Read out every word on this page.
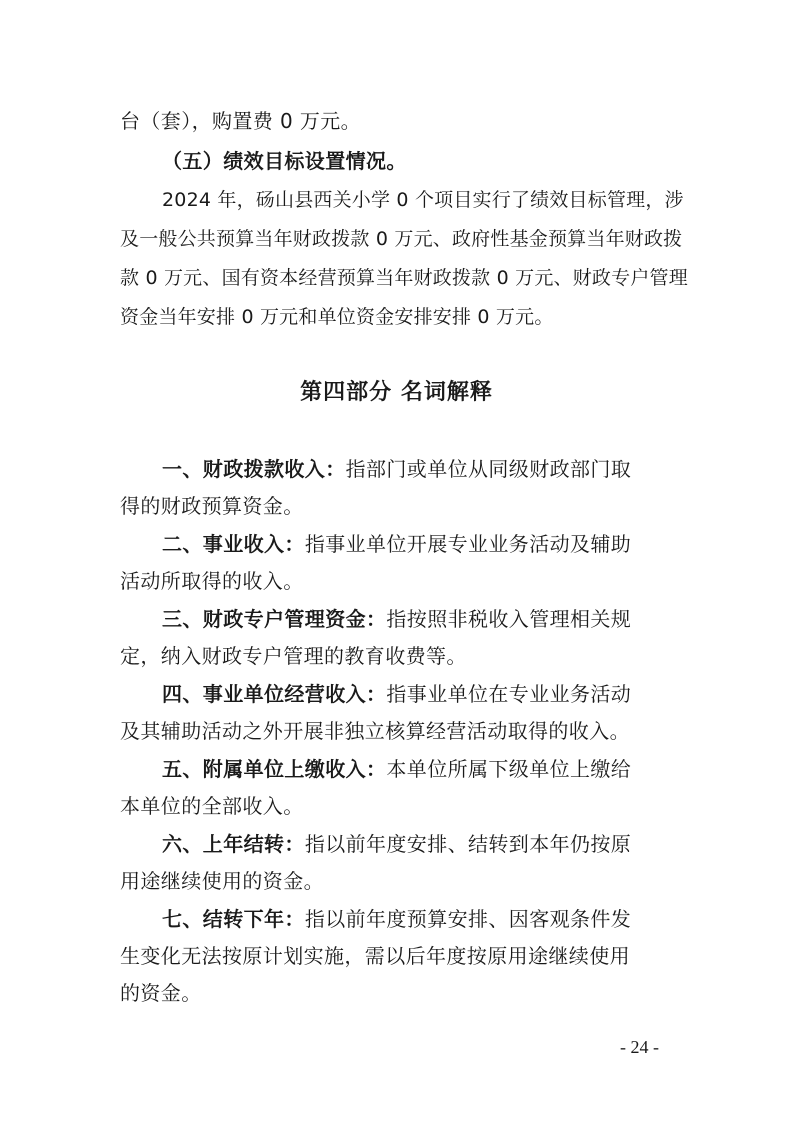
台（套），购置费 0 万元。
（五）绩效目标设置情况。
2024 年，砀山县西关小学 0 个项目实行了绩效目标管理，涉
及一般公共预算当年财政拨款 0 万元、政府性基金预算当年财政拨
款 0 万元、国有资本经营预算当年财政拨款 0 万元、财政专户管理
资金当年安排 0 万元和单位资金安排安排 0 万元。
第四部分 名词解释
一、财政拨款收入：指部门或单位从同级财政部门取
得的财政预算资金。
二、事业收入：指事业单位开展专业业务活动及辅助
活动所取得的收入。
三、财政专户管理资金：指按照非税收入管理相关规
定，纳入财政专户管理的教育收费等。
四、事业单位经营收入：指事业单位在专业业务活动
及其辅助活动之外开展非独立核算经营活动取得的收入。
五、附属单位上缴收入：本单位所属下级单位上缴给
本单位的全部收入。
六、上年结转：指以前年度安排、结转到本年仍按原
用途继续使用的资金。
七、结转下年：指以前年度预算安排、因客观条件发
生变化无法按原计划实施，需以后年度按原用途继续使用
的资金。
- 24 -
